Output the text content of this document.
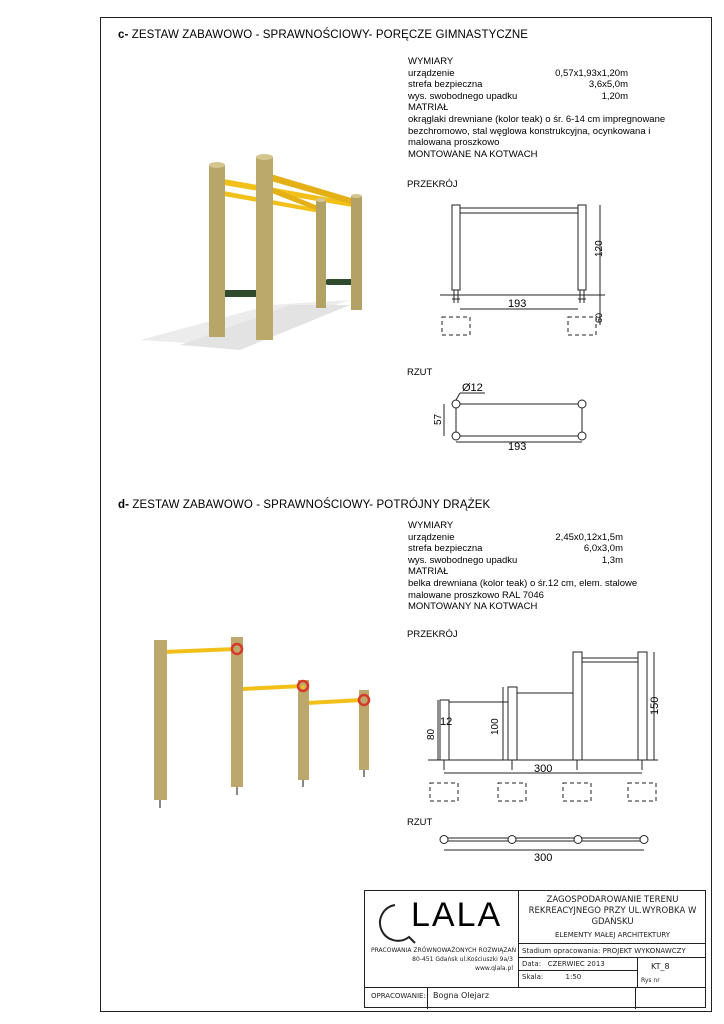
c- ZESTAW ZABAWOWO - SPRAWNOŚCIOWY- PORĘCZE GIMNASTYCZNE
WYMIARY
urządzenie	0,57x1,93x1,20m
strefa bezpieczna	3,6x5,0m
wys. swobodnego upadku	1,20m
MATRIAŁ
okrąglaki drewniane (kolor teak) o śr. 6-14 cm impregnowane
bezchromowo, stal węglowa konstrukcyjna, ocynkowana i
malowana proszkowo
MONTOWANE NA KOTWACH
PRZEKRÓJ
193
120
60
RZUT
Ø12
193
57
d- ZESTAW ZABAWOWO - SPRAWNOŚCIOWY- POTRÓJNY DRĄŻEK
WYMIARY
urządzenie	2,45x0,12x1,5m
strefa bezpieczna	6,0x3,0m
wys. swobodnego upadku	1,3m
MATRIAŁ
belka drewniana (kolor teak) o śr.12 cm, elem. stalowe
malowane proszkowo RAL 7046
MONTOWANY NA KOTWACH
PRZEKRÓJ
12
80	100
150
300
RZUT
300
LALA
PRACOWANIA ZRÓWNOWAŻONYCH ROZWIĄZAŃ
80-451 Gdańsk ul.Kościuszki 9a/3
www.qlala.pl
ZAGOSPODAROWANIE TERENU
REKREACYJNEGO PRZY UL.WYROBKA W
GDAŃSKU
ELEMENTY MAŁEJ ARCHITEKTURY
Stadium opracowania: PROJEKT WYKONAWCZY
Data: CZERWIEC 2013
Skala:	1:50
KT_8
Rys nr
OPRACOWANIE: Bogna Olejarz
